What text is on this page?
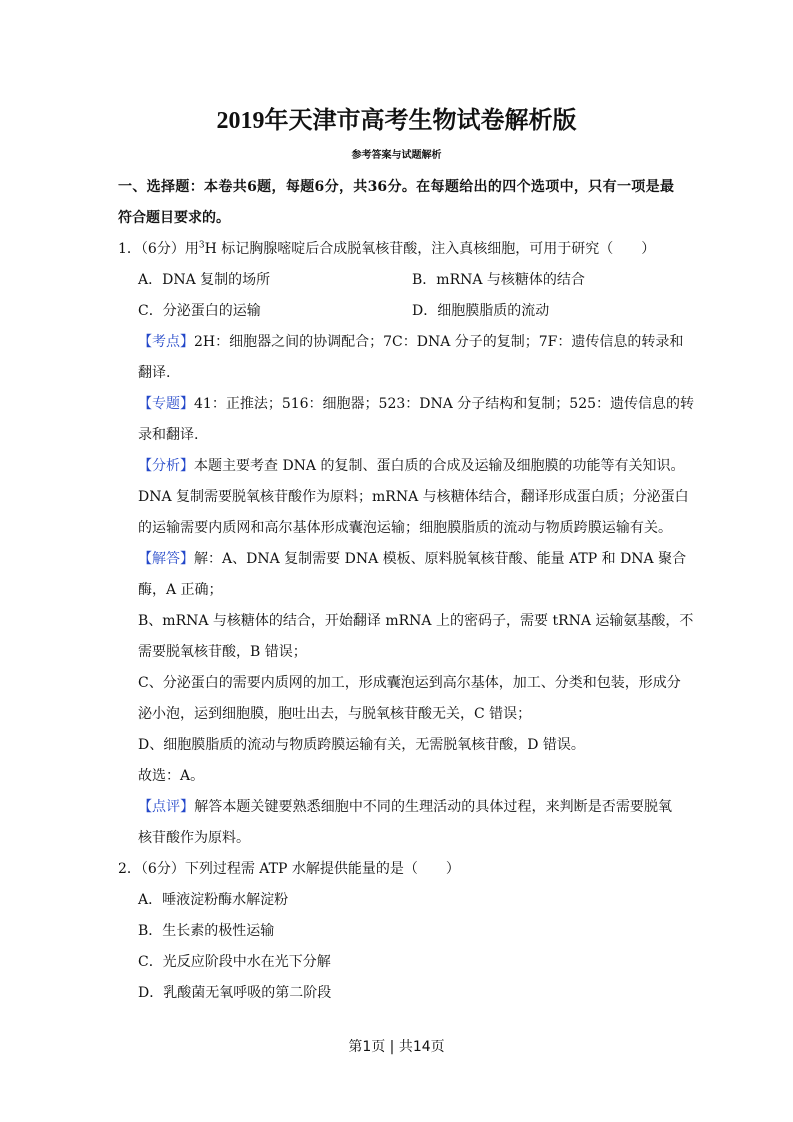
2019年天津市高考生物试卷解析版
参考答案与试题解析
一、选择题：本卷共6题，每题6分，共36分。在每题给出的四个选项中，只有一项是最
符合题目要求的。
1．（6分）用$^3$H 标记胸腺嘧啶后合成脱氧核苷酸，注入真核细胞，可用于研究（　　）
A．DNA 复制的场所	B．mRNA 与核糖体的结合
C．分泌蛋白的运输	D．细胞膜脂质的流动
【考点】2H：细胞器之间的协调配合；7C：DNA 分子的复制；7F：遗传信息的转录和
翻译.
【专题】41：正推法；516：细胞器；523：DNA 分子结构和复制；525：遗传信息的转
录和翻译.
【分析】本题主要考查 DNA 的复制、蛋白质的合成及运输及细胞膜的功能等有关知识。
DNA 复制需要脱氧核苷酸作为原料；mRNA 与核糖体结合，翻译形成蛋白质；分泌蛋白
的运输需要内质网和高尔基体形成囊泡运输；细胞膜脂质的流动与物质跨膜运输有关。
【解答】解：A、DNA 复制需要 DNA 模板、原料脱氧核苷酸、能量 ATP 和 DNA 聚合
酶，A 正确；
B、mRNA 与核糖体的结合，开始翻译 mRNA 上的密码子，需要 tRNA 运输氨基酸，不
需要脱氧核苷酸，B 错误；
C、分泌蛋白的需要内质网的加工，形成囊泡运到高尔基体，加工、分类和包装，形成分
泌小泡，运到细胞膜，胞吐出去，与脱氧核苷酸无关，C 错误；
D、细胞膜脂质的流动与物质跨膜运输有关，无需脱氧核苷酸，D 错误。
故选：A。
【点评】解答本题关键要熟悉细胞中不同的生理活动的具体过程，来判断是否需要脱氧
核苷酸作为原料。
2．（6分）下列过程需 ATP 水解提供能量的是（　　）
A．唾液淀粉酶水解淀粉
B．生长素的极性运输
C．光反应阶段中水在光下分解
D．乳酸菌无氧呼吸的第二阶段
第1页 | 共14页
